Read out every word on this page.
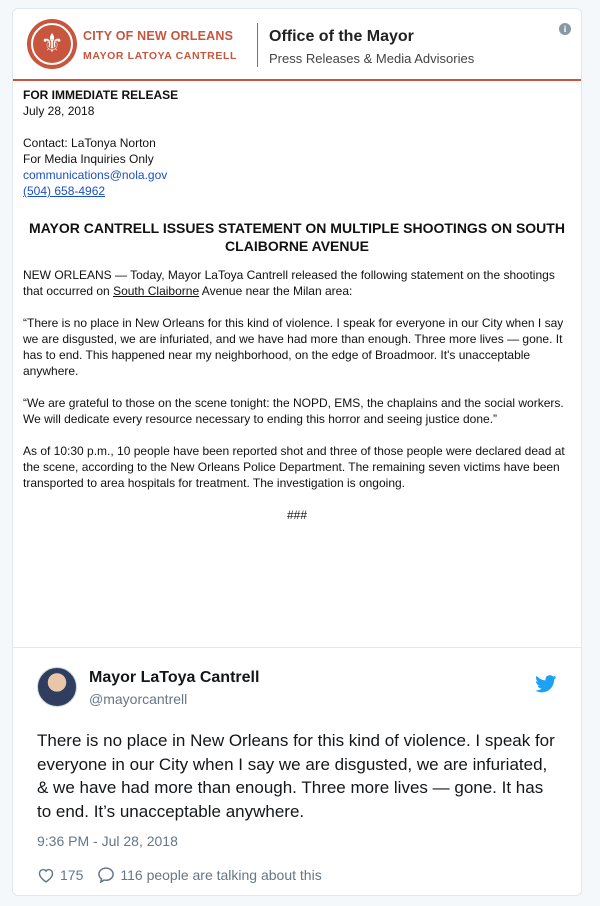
⚜	CITY OF NEW ORLEANS
MAYOR LATOYA CANTRELL
Office of the Mayor
Press Releases & Media Advisories
i

FOR IMMEDIATE RELEASE

July 28, 2018

Contact: LaTonya Norton

For Media Inquiries Only

communications@nola.gov

(504) 658-4962

MAYOR CANTRELL ISSUES STATEMENT ON MULTIPLE SHOOTINGS ON SOUTH CLAIBORNE AVENUE

NEW ORLEANS — Today, Mayor LaToya Cantrell released the following statement on the shootings that occurred on South Claiborne Avenue near the Milan area:

“There is no place in New Orleans for this kind of violence. I speak for everyone in our City when I say we are disgusted, we are infuriated, and we have had more than enough. Three more lives — gone. It has to end. This happened near my neighborhood, on the edge of Broadmoor. It's unacceptable anywhere.

“We are grateful to those on the scene tonight: the NOPD, EMS, the chaplains and the social workers. We will dedicate every resource necessary to ending this horror and seeing justice done.”

As of 10:30 p.m., 10 people have been reported shot and three of those people were declared dead at the scene, according to the New Orleans Police Department. The remaining seven victims have been transported to area hospitals for treatment. The investigation is ongoing.

###

Mayor LaToya Cantrell
@mayorcantrell
There is no place in New Orleans for this kind of violence. I speak for everyone in our City when I say we are disgusted, we are infuriated, & we have had more than enough. Three more lives — gone. It has to end. It’s unacceptable anywhere.
9:36 PM - Jul 28, 2018
175	116 people are talking about this
